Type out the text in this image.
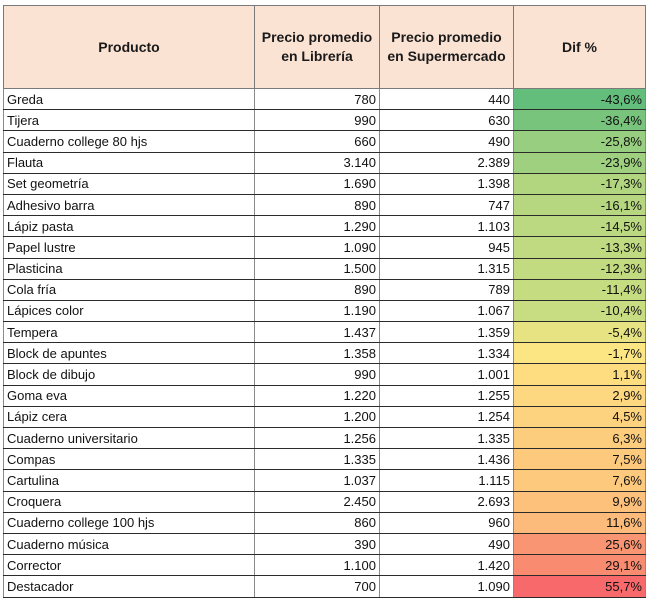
Producto	Precio promedio en Librería	Precio promedio en Supermercado	Dif %
Greda	780	440	-43,6%
Tijera	990	630	-36,4%
Cuaderno college 80 hjs	660	490	-25,8%
Flauta	3.140	2.389	-23,9%
Set geometría	1.690	1.398	-17,3%
Adhesivo barra	890	747	-16,1%
Lápiz pasta	1.290	1.103	-14,5%
Papel lustre	1.090	945	-13,3%
Plasticina	1.500	1.315	-12,3%
Cola fría	890	789	-11,4%
Lápices color	1.190	1.067	-10,4%
Tempera	1.437	1.359	-5,4%
Block de apuntes	1.358	1.334	-1,7%
Block de dibujo	990	1.001	1,1%
Goma eva	1.220	1.255	2,9%
Lápiz cera	1.200	1.254	4,5%
Cuaderno universitario	1.256	1.335	6,3%
Compas	1.335	1.436	7,5%
Cartulina	1.037	1.115	7,6%
Croquera	2.450	2.693	9,9%
Cuaderno college 100 hjs	860	960	11,6%
Cuaderno música	390	490	25,6%
Corrector	1.100	1.420	29,1%
Destacador	700	1.090	55,7%
